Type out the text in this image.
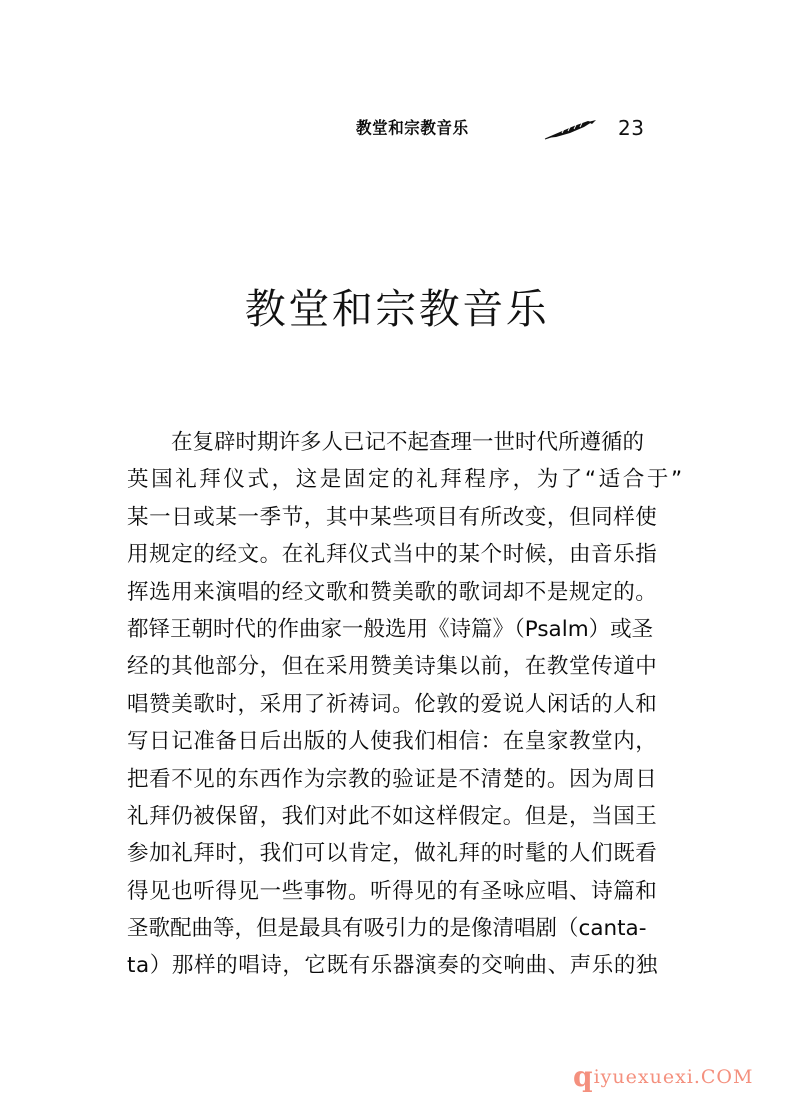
教堂和宗教音乐	23
教堂和宗教音乐
在复辟时期许多人已记不起查理一世时代所遵循的
英国礼拜仪式，这是固定的礼拜程序，为了“适合于”
某一日或某一季节，其中某些项目有所改变，但同样使
用规定的经文。在礼拜仪式当中的某个时候，由音乐指
挥选用来演唱的经文歌和赞美歌的歌词却不是规定的。
都铎王朝时代的作曲家一般选用《诗篇》（Psalm）或圣
经的其他部分，但在采用赞美诗集以前，在教堂传道中
唱赞美歌时，采用了祈祷词。伦敦的爱说人闲话的人和
写日记准备日后出版的人使我们相信：在皇家教堂内，
把看不见的东西作为宗教的验证是不清楚的。因为周日
礼拜仍被保留，我们对此不如这样假定。但是，当国王
参加礼拜时，我们可以肯定，做礼拜的时髦的人们既看
得见也听得见一些事物。听得见的有圣咏应唱、诗篇和
圣歌配曲等，但是最具有吸引力的是像清唱剧（canta-
ta）那样的唱诗，它既有乐器演奏的交响曲、声乐的独
qiyuexuexi.COM
